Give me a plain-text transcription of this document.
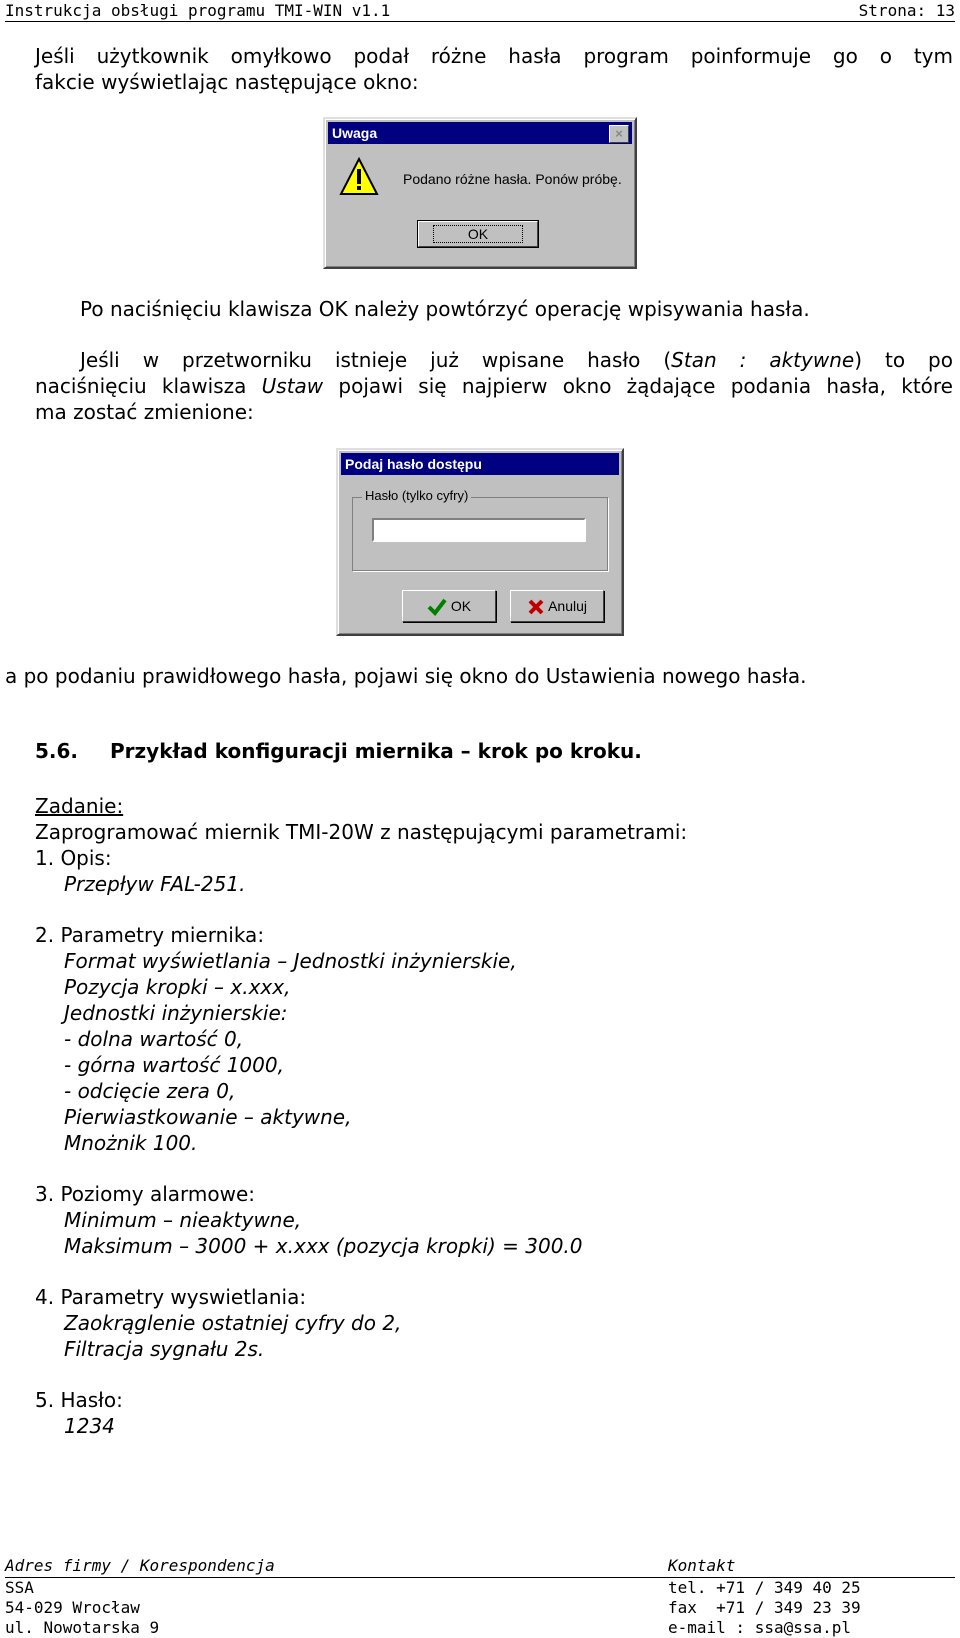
Instrukcja obsługi programu TMI-WIN v1.1	Strona: 13
Jeśli użytkownik omyłkowo podał różne hasła program poinformuje go o tym
fakcie wyświetlając następujące okno:
Uwaga	×
Podano różne hasła. Ponów próbę.
OK
Po naciśnięciu klawisza OK należy powtórzyć operację wpisywania hasła.
Jeśli w przetworniku istnieje już wpisane hasło (Stan : aktywne) to po
naciśnięciu klawisza Ustaw pojawi się najpierw okno żądające podania hasła, które
ma zostać zmienione:
Podaj hasło dostępu
Hasło (tylko cyfry)
OK	Anuluj
a po podaniu prawidłowego hasła, pojawi się okno do Ustawienia nowego hasła.
5.6. Przykład konfiguracji miernika – krok po kroku.
Zadanie:
Zaprogramować miernik TMI-20W z następującymi parametrami:
1. Opis:
Przepływ FAL-251.
2. Parametry miernika:
Format wyświetlania – Jednostki inżynierskie,
Pozycja kropki – x.xxx,
Jednostki inżynierskie:
- dolna wartość 0,
- górna wartość 1000,
- odcięcie zera 0,
Pierwiastkowanie – aktywne,
Mnożnik 100.
3. Poziomy alarmowe:
Minimum – nieaktywne,
Maksimum – 3000 + x.xxx (pozycja kropki) = 300.0
4. Parametry wyswietlania:
Zaokrąglenie ostatniej cyfry do 2,
Filtracja sygnału 2s.
5. Hasło:
1234
Adres firmy / Korespondencja	Kontakt
SSA
54-029 Wrocław
ul. Nowotarska 9
tel. +71 / 349 40 25
fax  +71 / 349 23 39
e-mail : ssa@ssa.pl
